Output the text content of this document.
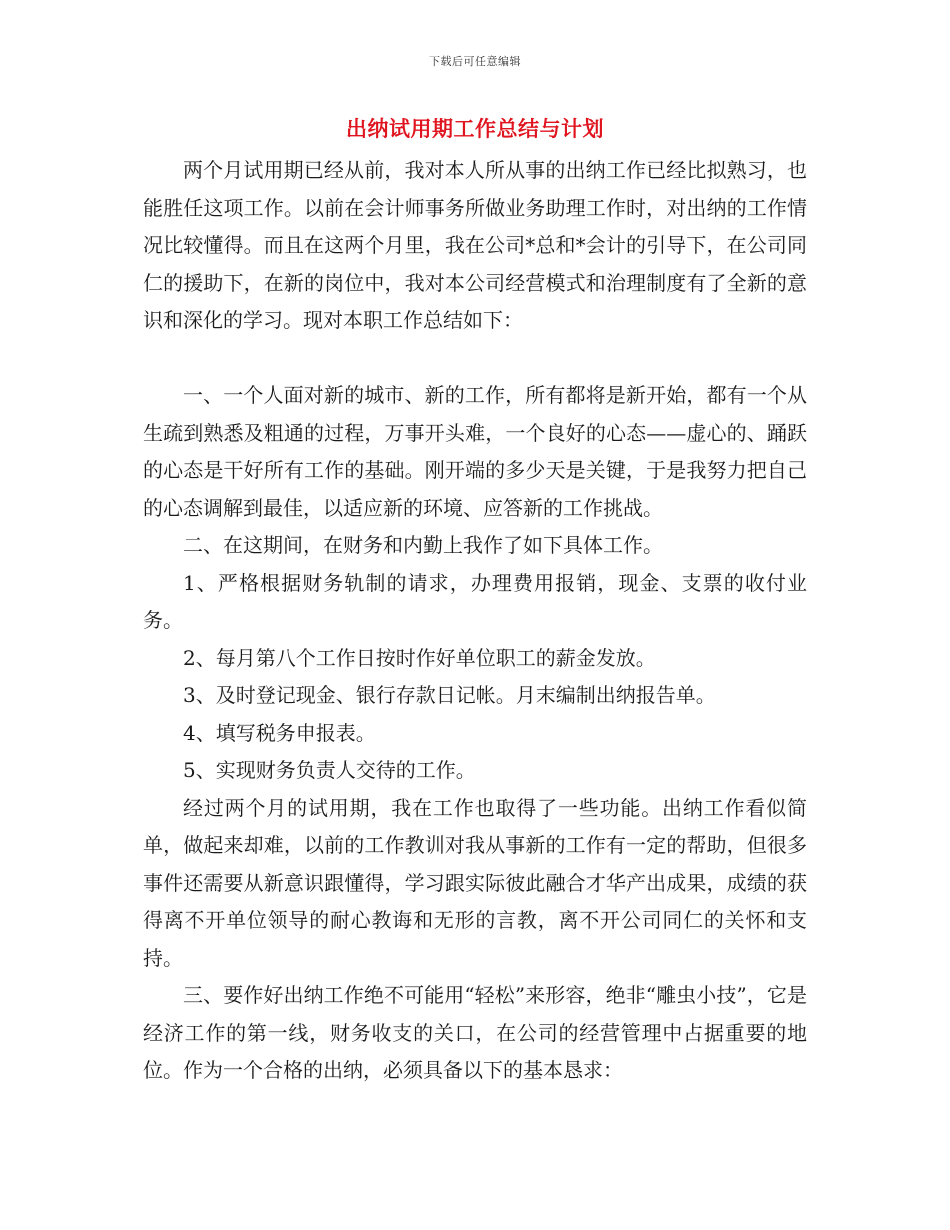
下载后可任意编辑
出纳试用期工作总结与计划

两个月试用期已经从前，我对本人所从事的出纳工作已经比拟熟习，也能胜任这项工作。以前在会计师事务所做业务助理工作时，对出纳的工作情况比较懂得。而且在这两个月里，我在公司*总和*会计的引导下，在公司同仁的援助下，在新的岗位中，我对本公司经营模式和治理制度有了全新的意识和深化的学习。现对本职工作总结如下：

一、一个人面对新的城市、新的工作，所有都将是新开始，都有一个从生疏到熟悉及粗通的过程，万事开头难，一个良好的心态——虚心的、踊跃的心态是干好所有工作的基础。刚开端的多少天是关键，于是我努力把自己的心态调解到最佳，以适应新的环境、应答新的工作挑战。

二、在这期间，在财务和内勤上我作了如下具体工作。

1、严格根据财务轨制的请求，办理费用报销，现金、支票的收付业务。

2、每月第八个工作日按时作好单位职工的薪金发放。

3、及时登记现金、银行存款日记帐。月末编制出纳报告单。

4、填写税务申报表。

5、实现财务负责人交待的工作。

经过两个月的试用期，我在工作也取得了一些功能。出纳工作看似简单，做起来却难，以前的工作教训对我从事新的工作有一定的帮助，但很多事件还需要从新意识跟懂得，学习跟实际彼此融合才华产出成果，成绩的获得离不开单位领导的耐心教诲和无形的言教，离不开公司同仁的关怀和支持。

三、要作好出纳工作绝不可能用“轻松”来形容，绝非“雕虫小技”，它是经济工作的第一线，财务收支的关口，在公司的经营管理中占据重要的地位。作为一个合格的出纳，必须具备以下的基本恳求：
